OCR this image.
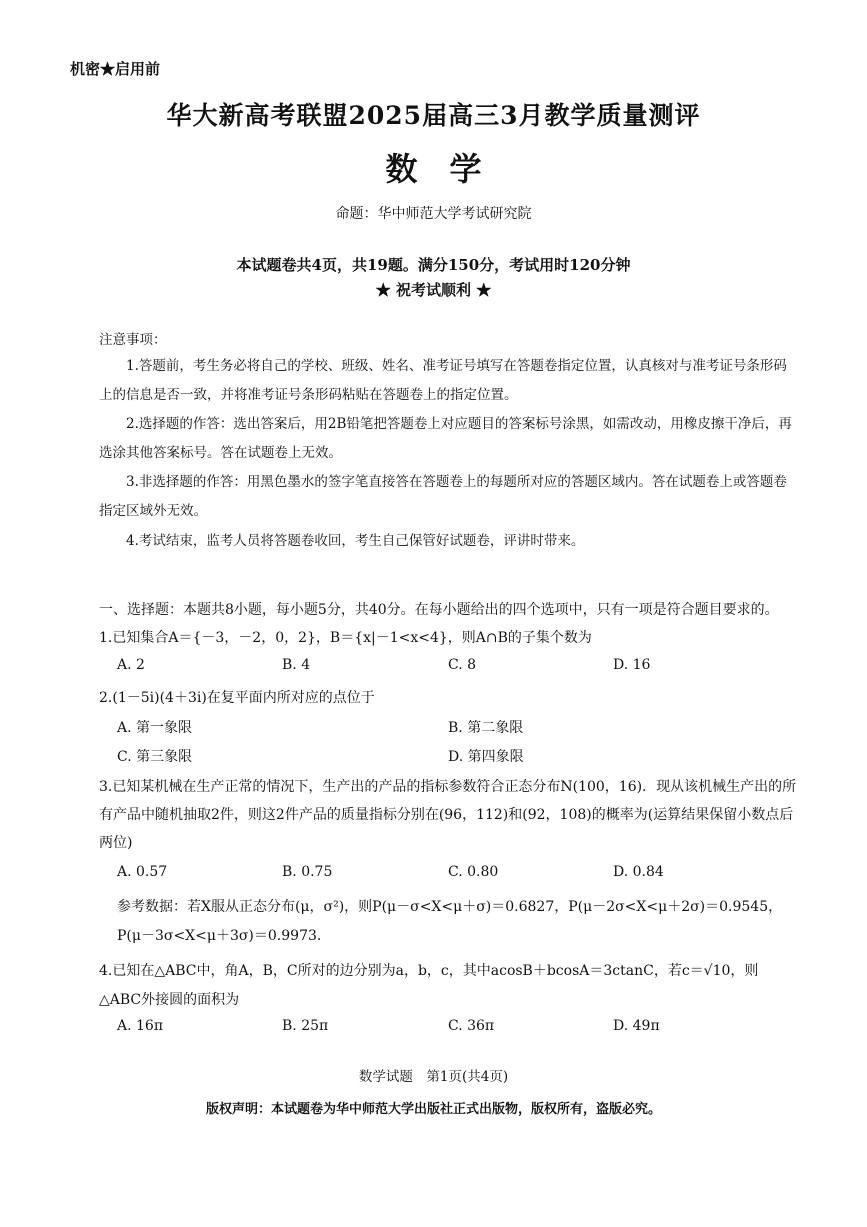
机密★启用前
华大新高考联盟2025届高三3月教学质量测评
数　学
命题：华中师范大学考试研究院
本试题卷共4页，共19题。满分150分，考试用时120分钟
★ 祝考试顺利 ★
注意事项：
1.答题前，考生务必将自己的学校、班级、姓名、准考证号填写在答题卷指定位置，认真核对与准考证号条形码上的信息是否一致，并将准考证号条形码粘贴在答题卷上的指定位置。
2.选择题的作答：选出答案后，用2B铅笔把答题卷上对应题目的答案标号涂黑，如需改动，用橡皮擦干净后，再选涂其他答案标号。答在试题卷上无效。
3.非选择题的作答：用黑色墨水的签字笔直接答在答题卷上的每题所对应的答题区域内。答在试题卷上或答题卷指定区域外无效。
4.考试结束，监考人员将答题卷收回，考生自己保管好试题卷，评讲时带来。
一、选择题：本题共8小题，每小题5分，共40分。在每小题给出的四个选项中，只有一项是符合题目要求的。
1.已知集合A＝{－3，－2，0，2}，B＝{x|－1<x<4}，则A∩B的子集个数为
A. 2	B. 4	C. 8	D. 16
2.(1－5i)(4＋3i)在复平面内所对应的点位于
A. 第一象限	B. 第二象限
C. 第三象限	D. 第四象限
3.已知某机械在生产正常的情况下，生产出的产品的指标参数符合正态分布N(100，16)．现从该机械生产出的所有产品中随机抽取2件，则这2件产品的质量指标分别在(96，112)和(92，108)的概率为(运算结果保留小数点后两位)
A. 0.57	B. 0.75	C. 0.80	D. 0.84
参考数据：若X服从正态分布(μ，σ²)，则P(μ－σ<X<μ＋σ)＝0.6827，P(μ－2σ<X<μ＋2σ)＝0.9545，P(μ－3σ<X<μ＋3σ)＝0.9973.
4.已知在△ABC中，角A，B，C所对的边分别为a，b，c，其中acosB＋bcosA＝3ctanC，若c＝√10，则△ABC外接圆的面积为
A. 16π	B. 25π	C. 36π	D. 49π
数学试题　第1页(共4页)
版权声明：本试题卷为华中师范大学出版社正式出版物，版权所有，盗版必究。
